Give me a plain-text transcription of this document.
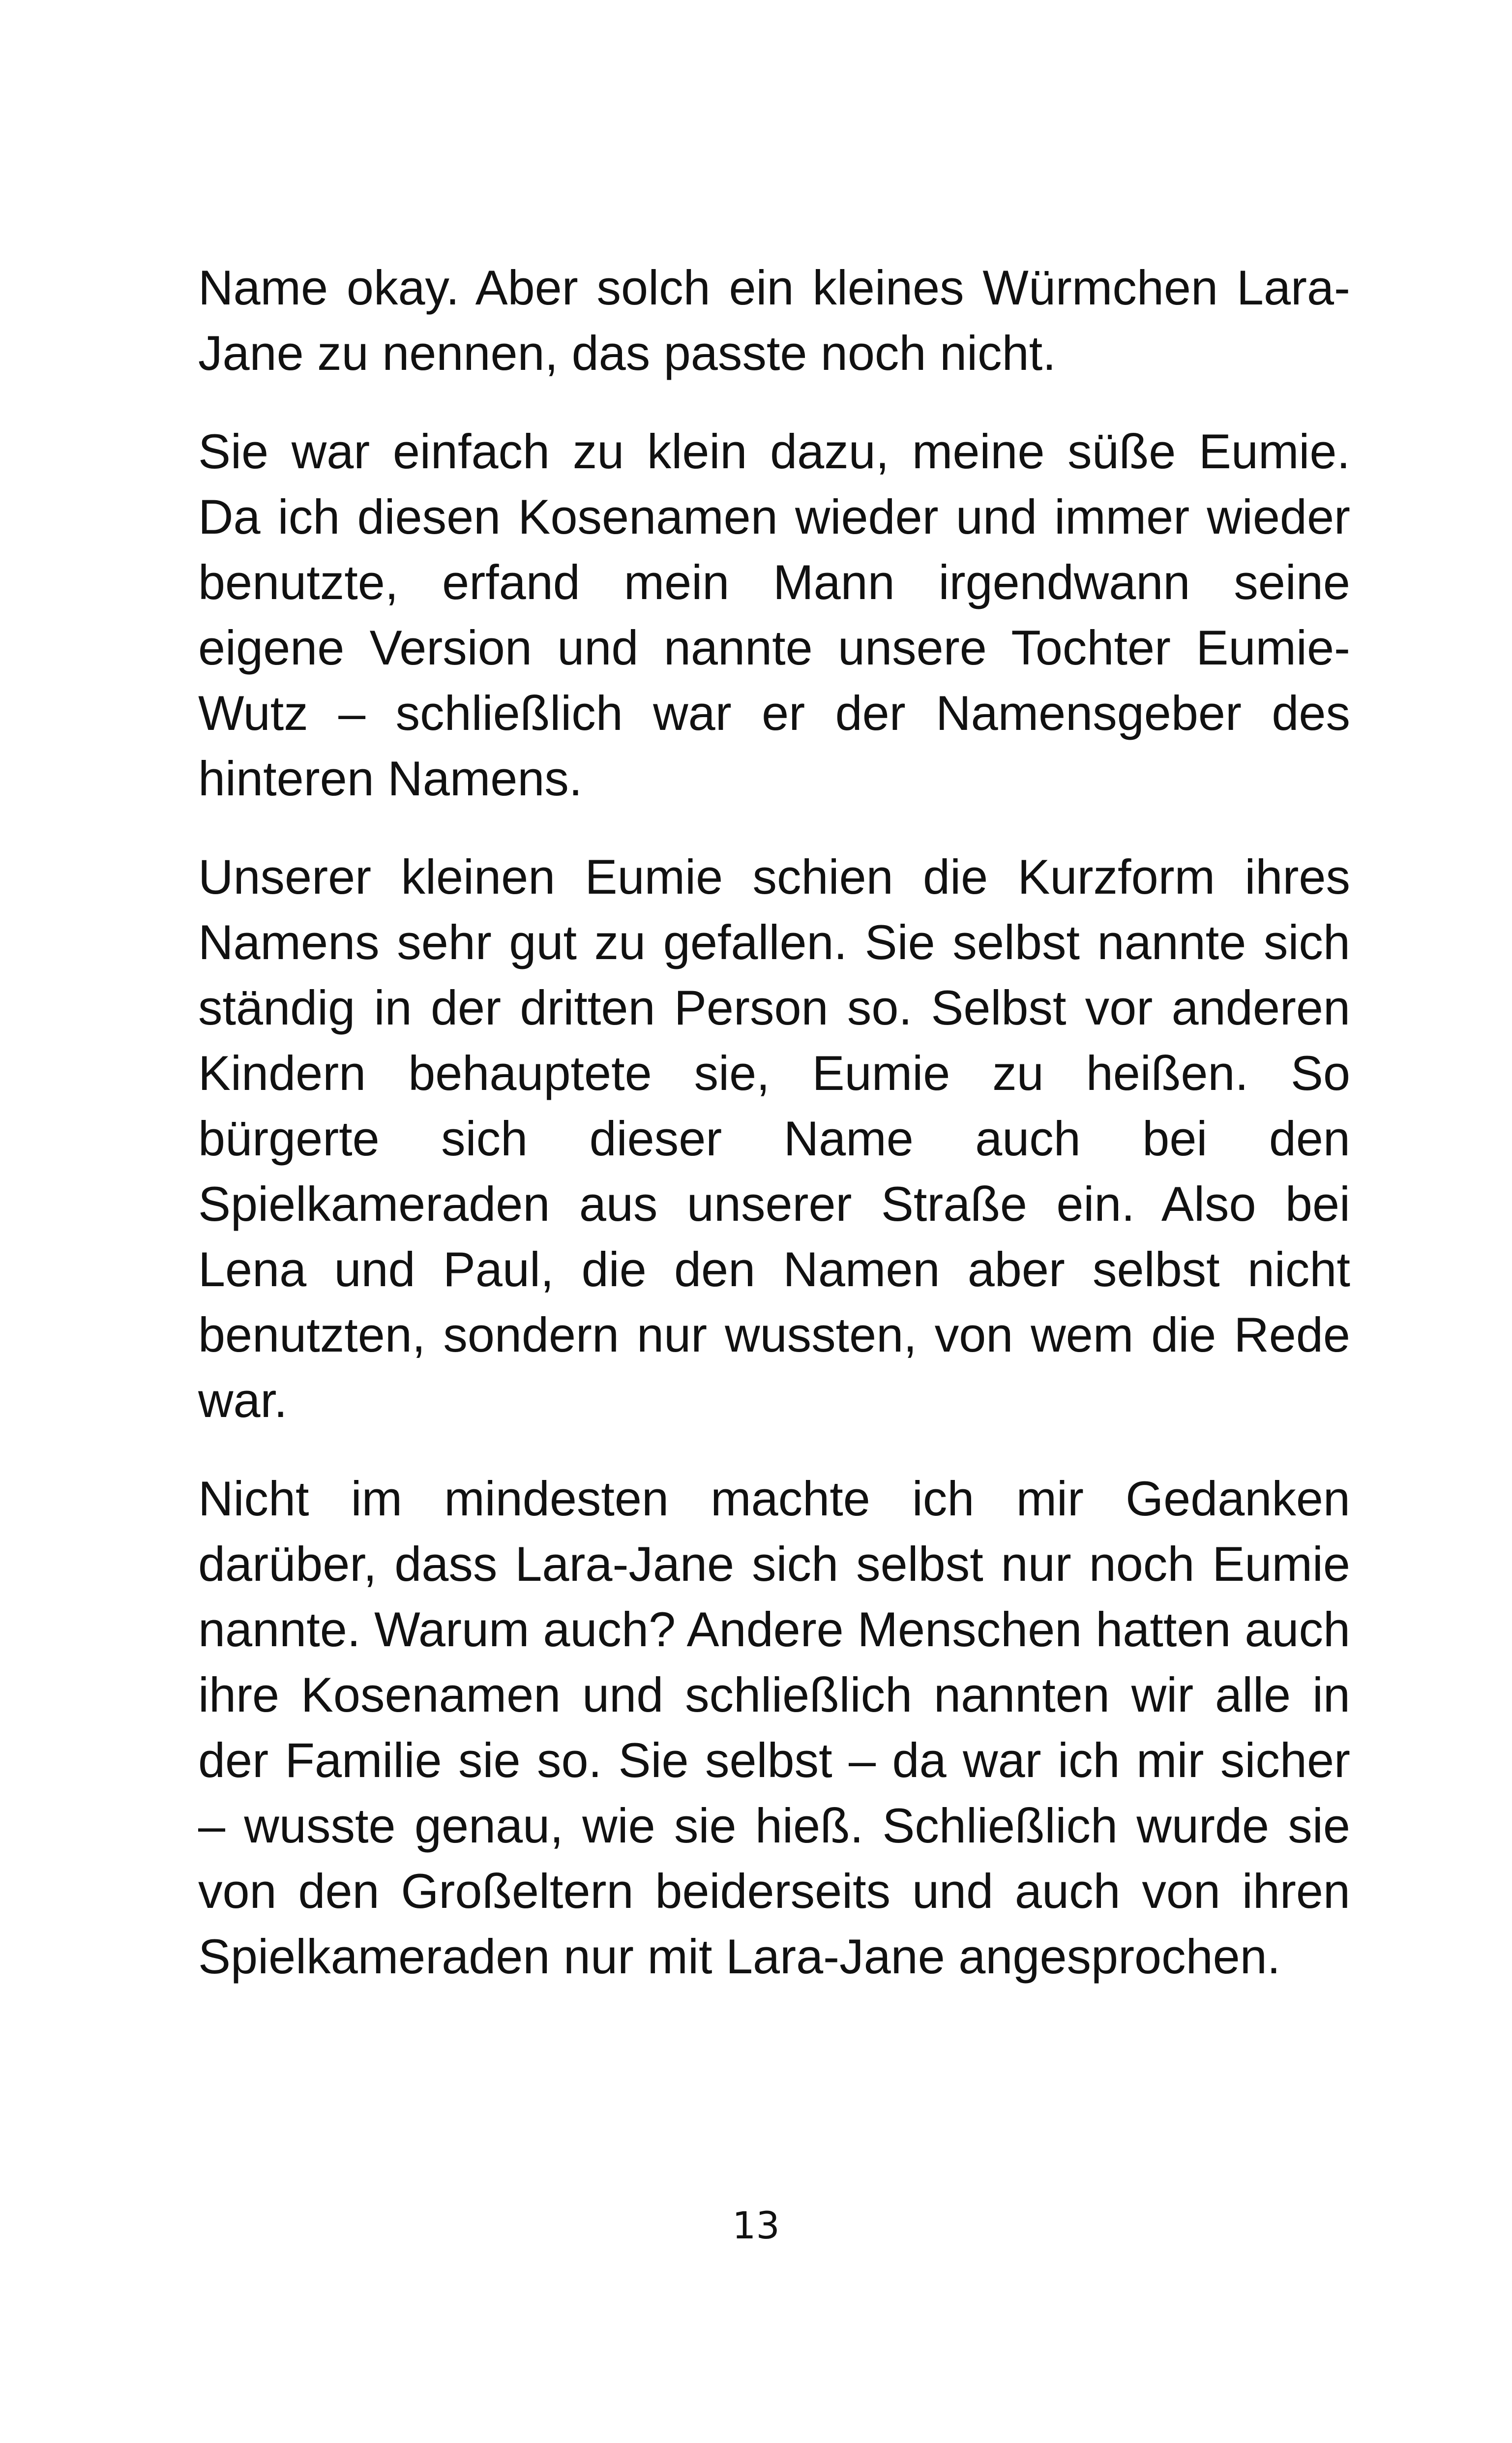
Name okay. Aber solch ein kleines Würmchen Lara-Jane zu nennen, das passte noch nicht.

Sie war einfach zu klein dazu, meine süße Eumie. Da ich diesen Kosenamen wieder und immer wieder benutzte, erfand mein Mann irgendwann seine eigene Version und nannte unsere Tochter Eumie-Wutz – schließlich war er der Namensgeber des hinteren Namens.

Unserer kleinen Eumie schien die Kurzform ihres Namens sehr gut zu gefallen. Sie selbst nannte sich ständig in der dritten Person so. Selbst vor anderen Kindern behauptete sie, Eumie zu heißen. So bürgerte sich dieser Name auch bei den Spielkameraden aus unserer Straße ein. Also bei Lena und Paul, die den Namen aber selbst nicht benutzten, sondern nur wussten, von wem die Rede war.

Nicht im mindesten machte ich mir Gedanken darüber, dass Lara-Jane sich selbst nur noch Eumie nannte. Warum auch? Andere Menschen hatten auch ihre Kosenamen und schließlich nannten wir alle in der Familie sie so. Sie selbst – da war ich mir sicher – wusste genau, wie sie hieß. Schließlich wurde sie von den Großeltern beiderseits und auch von ihren Spielkameraden nur mit Lara-Jane angesprochen.

13
